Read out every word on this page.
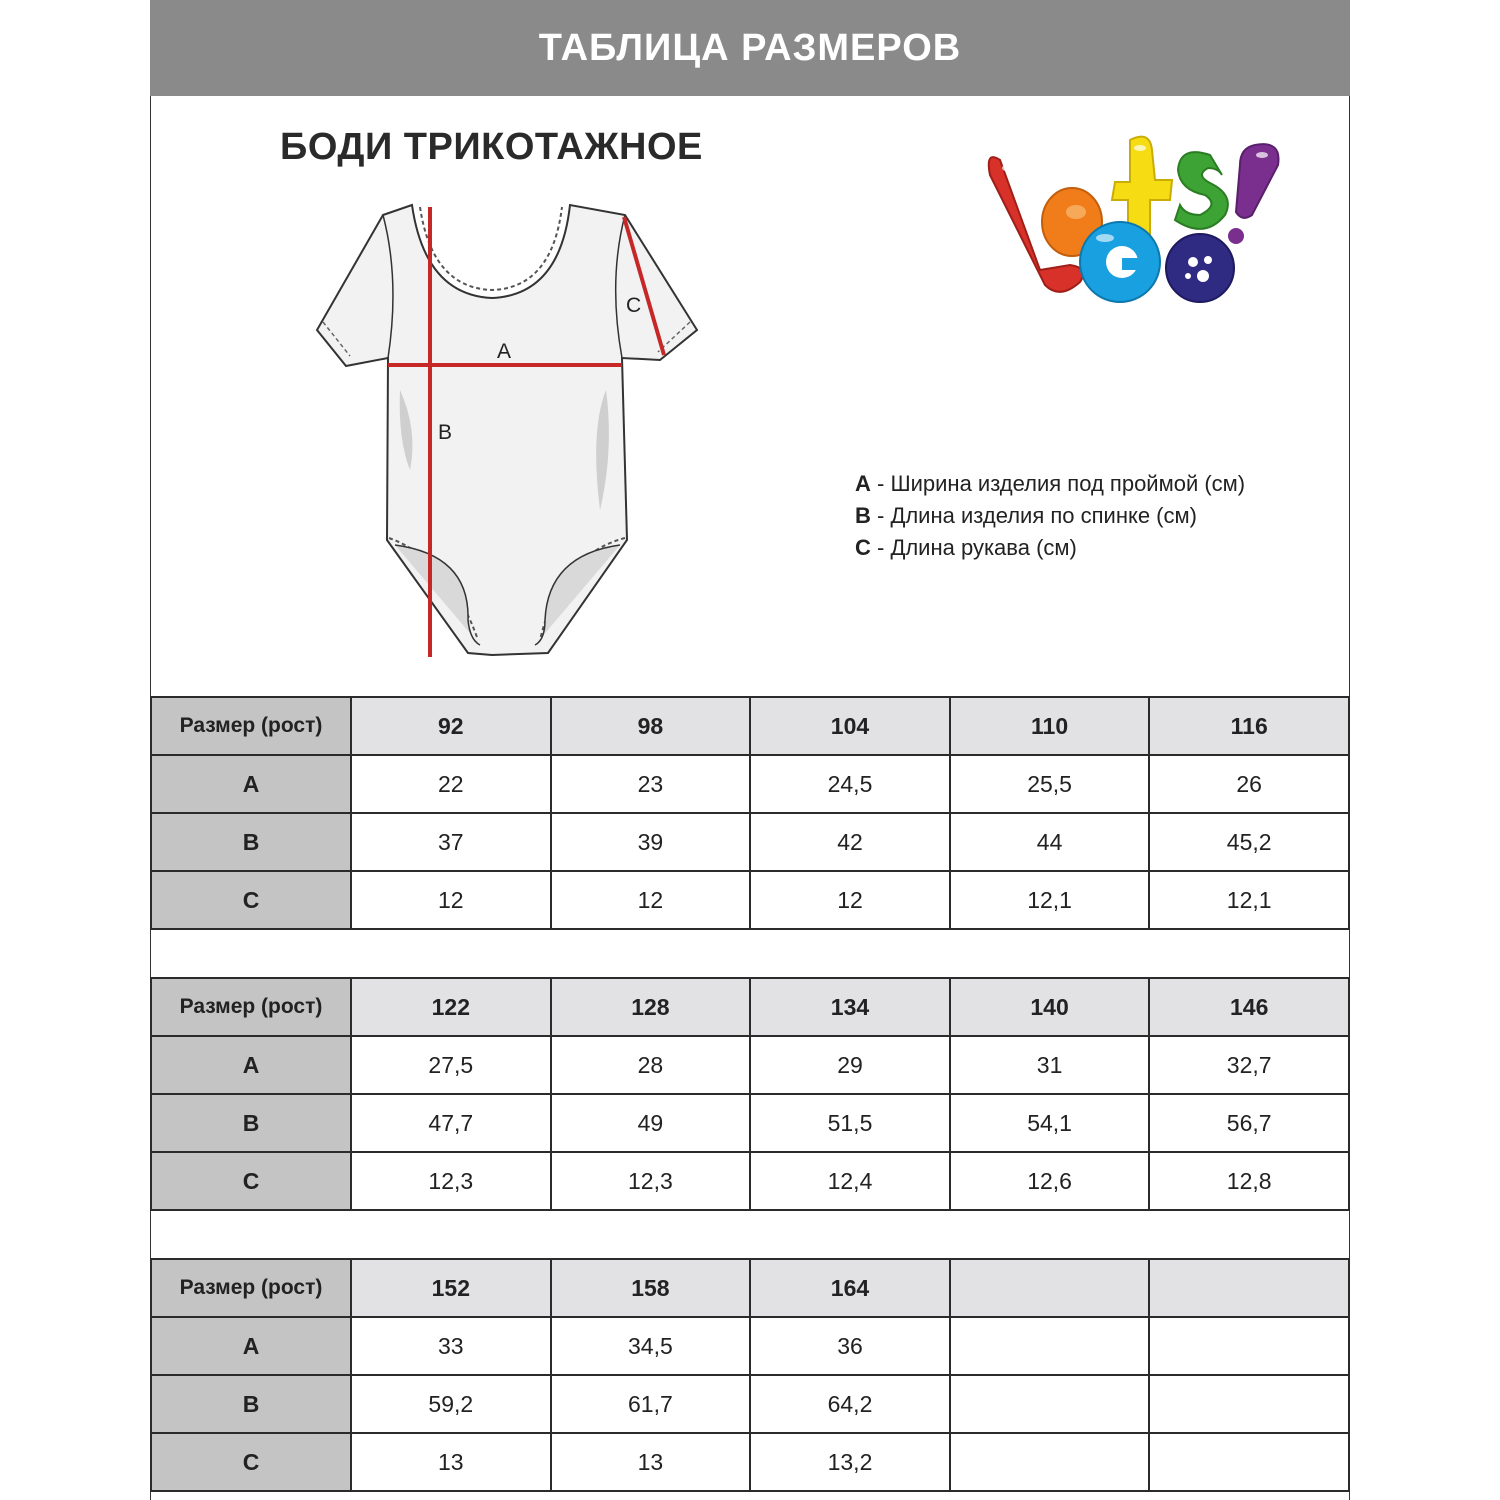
ТАБЛИЦА РАЗМЕРОВ
БОДИ ТРИКОТАЖНОЕ
A
B
C
A - Ширина изделия под проймой (см)
B - Длина изделия по спинке (см)
C - Длина рукава (см)
Размер (рост)	92	98	104	110	116
A	22	23	24,5	25,5	26
B	37	39	42	44	45,2
C	12	12	12	12,1	12,1
Размер (рост)	122	128	134	140	146
A	27,5	28	29	31	32,7
B	47,7	49	51,5	54,1	56,7
C	12,3	12,3	12,4	12,6	12,8
Размер (рост)	152	158	164		
A	33	34,5	36		
B	59,2	61,7	64,2		
C	13	13	13,2		
